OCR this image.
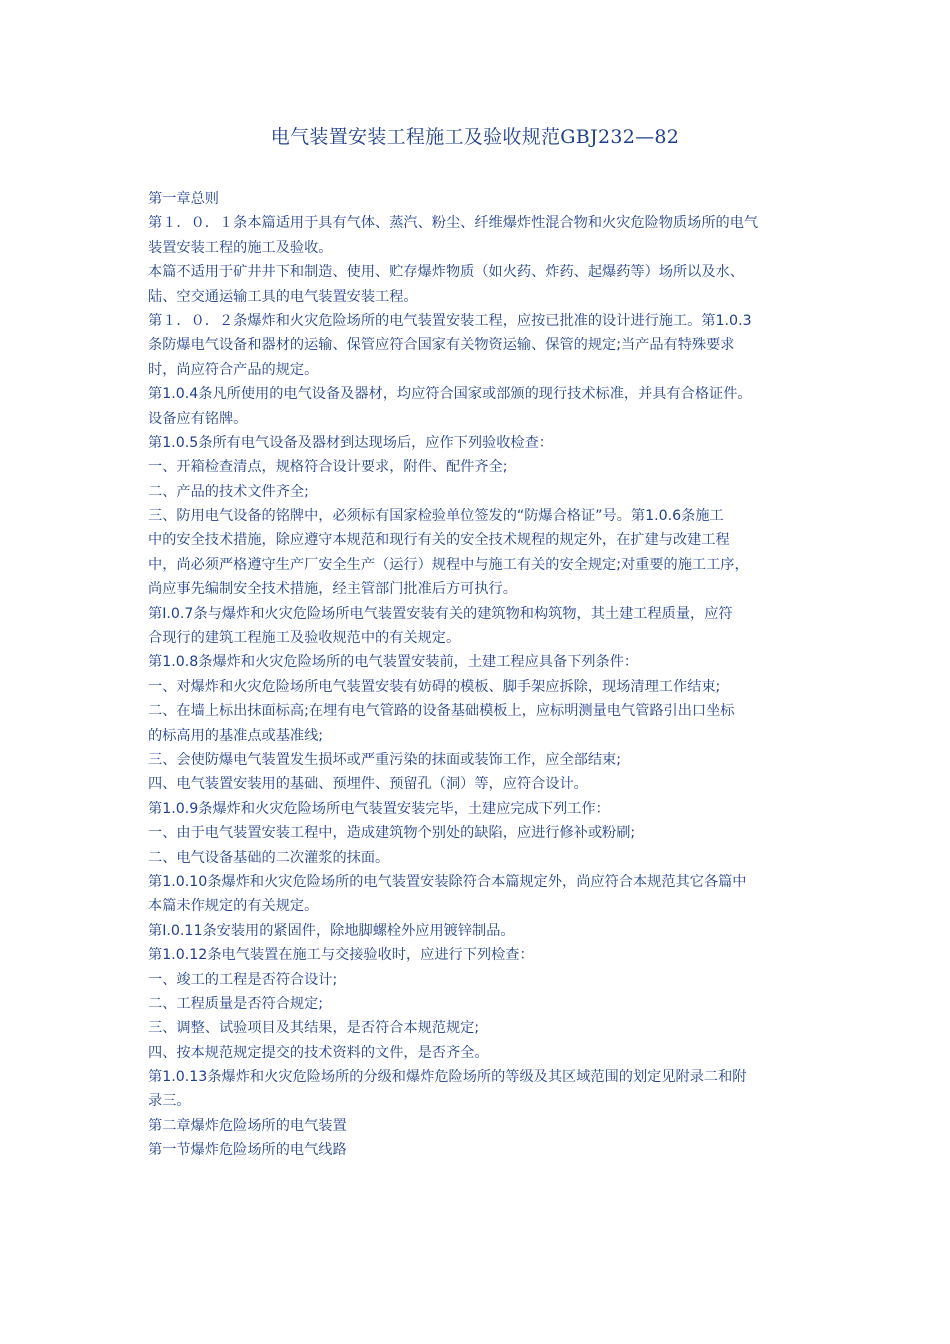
电气装置安装工程施工及验收规范GBJ232—82
第一章总则
第１．０．１条本篇适用于具有气体、蒸汽、粉尘、纤维爆炸性混合物和火灾危险物质场所的电气
装置安装工程的施工及验收。
本篇不适用于矿井井下和制造、使用、贮存爆炸物质（如火药、炸药、起爆药等）场所以及水、
陆、空交通运输工具的电气装置安装工程。
第１．０．２条爆炸和火灾危险场所的电气装置安装工程，应按已批准的设计进行施工。第1.0.3
条防爆电气设备和器材的运输、保管应符合国家有关物资运输、保管的规定;当产品有特殊要求
时，尚应符合产品的规定。
第1.0.4条凡所使用的电气设备及器材，均应符合国家或部颁的现行技术标准，并具有合格证件。
设备应有铭牌。
第1.0.5条所有电气设备及器材到达现场后，应作下列验收检查：
一、开箱检查清点，规格符合设计要求，附件、配件齐全;
二、产品的技术文件齐全;
三、防用电气设备的铭牌中，必须标有国家检验单位签发的“防爆合格证”号。第1.0.6条施工
中的安全技术措施，除应遵守本规范和现行有关的安全技术规程的规定外，在扩建与改建工程
中，尚必须严格遵守生产厂安全生产（运行）规程中与施工有关的安全规定;对重要的施工工序，
尚应事先编制安全技术措施，经主管部门批准后方可执行。
第I.0.7条与爆炸和火灾危险场所电气装置安装有关的建筑物和构筑物，其土建工程质量，应符
合现行的建筑工程施工及验收规范中的有关规定。
第1.0.8条爆炸和火灾危险场所的电气装置安装前，土建工程应具备下列条件：
一、对爆炸和火灾危险场所电气装置安装有妨碍的模板、脚手架应拆除，现场清理工作结束;
二、在墙上标出抹面标高;在埋有电气管路的设备基础模板上，应标明测量电气管路引出口坐标
的标高用的基准点或基准线;
三、会使防爆电气装置发生损坏或严重污染的抹面或装饰工作，应全部结束;
四、电气装置安装用的基础、预埋件、预留孔（洞）等，应符合设计。
第1.0.9条爆炸和火灾危险场所电气装置安装完毕，土建应完成下列工作：
一、由于电气装置安装工程中，造成建筑物个别处的缺陷，应进行修补或粉刷;
二、电气设备基础的二次灌浆的抹面。
第1.0.10条爆炸和火灾危险场所的电气装置安装除符合本篇规定外，尚应符合本规范其它各篇中
本篇未作规定的有关规定。
第I.0.11条安装用的紧固件，除地脚螺栓外应用镀锌制品。
第1.0.12条电气装置在施工与交接验收时，应进行下列检查：
一、竣工的工程是否符合设计;
二、工程质量是否符合规定;
三、调整、试验项目及其结果，是否符合本规范规定;
四、按本规范规定提交的技术资料的文件，是否齐全。
第1.0.13条爆炸和火灾危险场所的分级和爆炸危险场所的等级及其区域范围的划定见附录二和附
录三。
第二章爆炸危险场所的电气装置
第一节爆炸危险场所的电气线路
